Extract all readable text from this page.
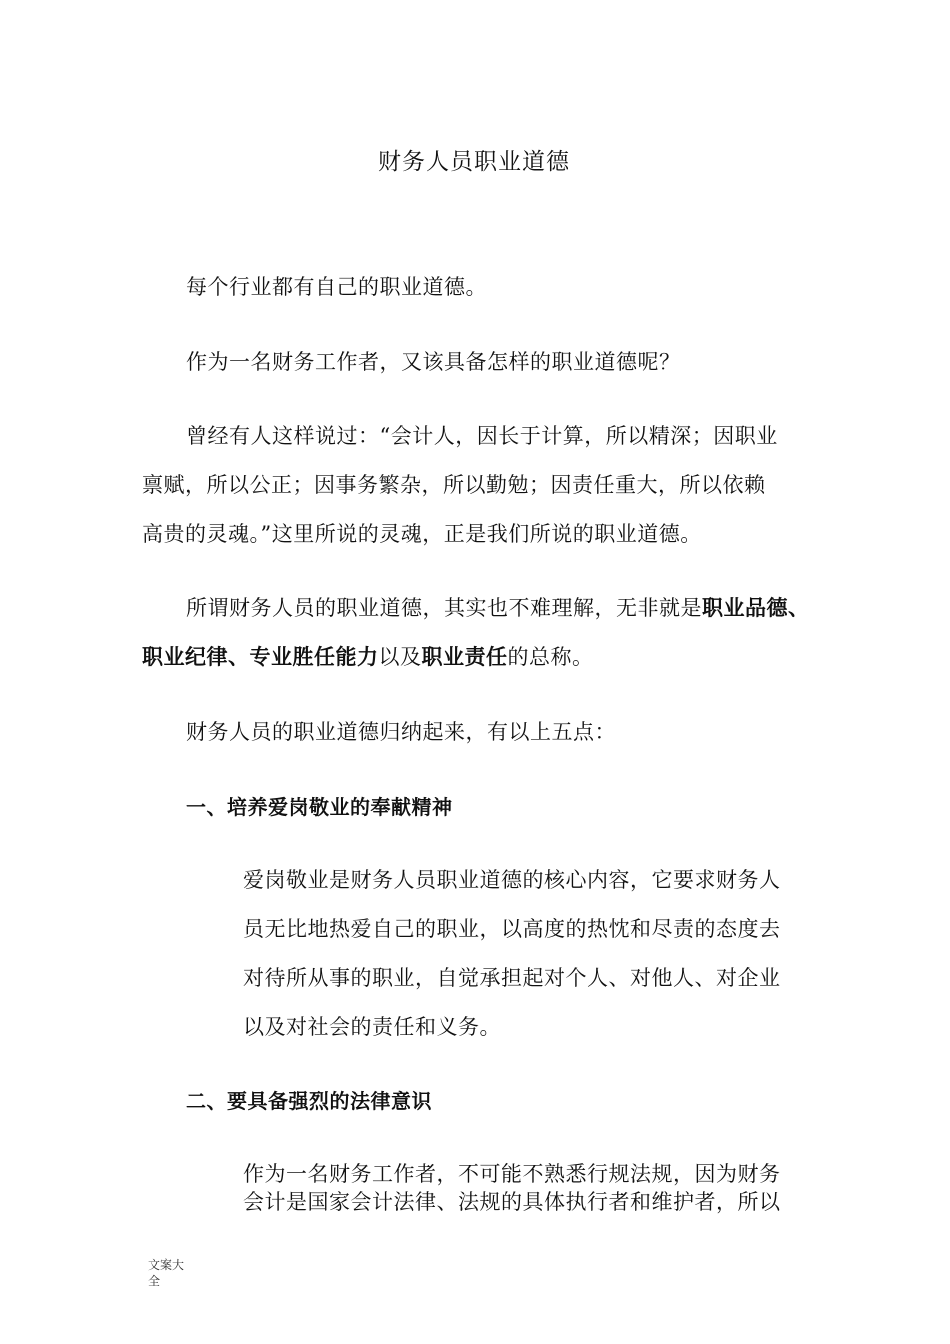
财务人员职业道德
每个行业都有自己的职业道德。
作为一名财务工作者，又该具备怎样的职业道德呢？
曾经有人这样说过：“会计人，因长于计算，所以精深；因职业
禀赋，所以公正；因事务繁杂，所以勤勉；因责任重大，所以依赖
高贵的灵魂。”这里所说的灵魂，正是我们所说的职业道德。
所谓财务人员的职业道德，其实也不难理解，无非就是职业品德、
职业纪律、专业胜任能力以及职业责任的总称。
财务人员的职业道德归纳起来，有以上五点：
一、培养爱岗敬业的奉献精神
爱岗敬业是财务人员职业道德的核心内容，它要求财务人
员无比地热爱自己的职业，以高度的热忱和尽责的态度去
对待所从事的职业，自觉承担起对个人、对他人、对企业
以及对社会的责任和义务。
二、要具备强烈的法律意识
作为一名财务工作者，不可能不熟悉行规法规，因为财务
会计是国家会计法律、法规的具体执行者和维护者，所以
文案大
全
